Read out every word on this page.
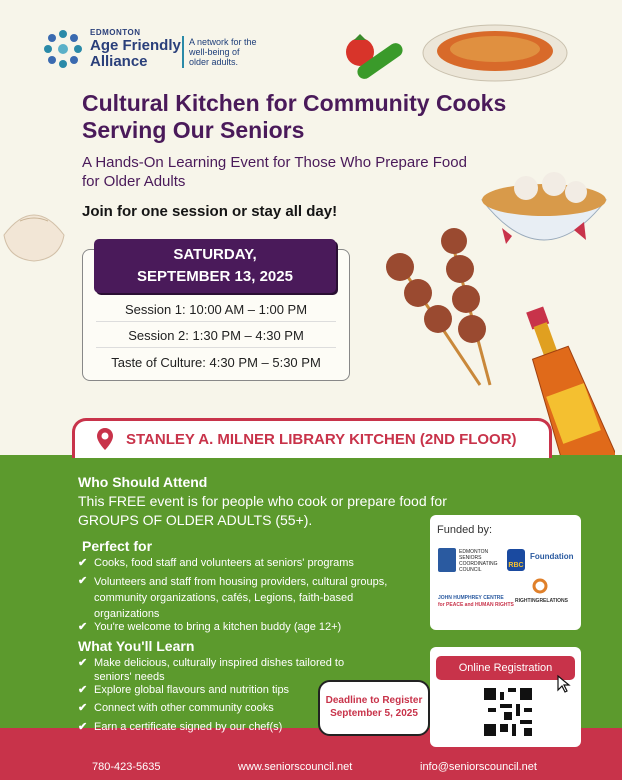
EDMONTON
Age Friendly
Alliance
A network for the well-being of older adults.
Cultural Kitchen for Community Cooks Serving Our Seniors
A Hands-On Learning Event for Those Who Prepare Food for Older Adults
Join for one session or stay all day!
SATURDAY,
SEPTEMBER 13, 2025
Session 1: 10:00 AM – 1:00 PM
Session 2: 1:30 PM – 4:30 PM
Taste of Culture: 4:30 PM – 5:30 PM
STANLEY A. MILNER LIBRARY KITCHEN (2ND FLOOR)
Who Should Attend
This FREE event is for people who cook or prepare food for GROUPS OF OLDER ADULTS (55+).
Perfect for
✔ Cooks, food staff and volunteers at seniors' programs
✔ Volunteers and staff from housing providers, cultural groups, community organizations, cafés, Legions, faith-based organizations
✔ You're welcome to bring a kitchen buddy (age 12+)
What You'll Learn
✔ Make delicious, culturally inspired dishes tailored to seniors' needs
✔ Explore global flavours and nutrition tips
✔ Connect with other community cooks
✔ Earn a certificate signed by our chef(s)
Funded by:
EDMONTON SENIORS COORDINATING COUNCIL
RBC
Foundation
JOHN HUMPHREY CENTRE
for PEACE and HUMAN RIGHTS
RIGHTINGRELATIONS
Online Registration
Deadline to Register
September 5, 2025
780-423-5635	www.seniorscouncil.net	info@seniorscouncil.net
